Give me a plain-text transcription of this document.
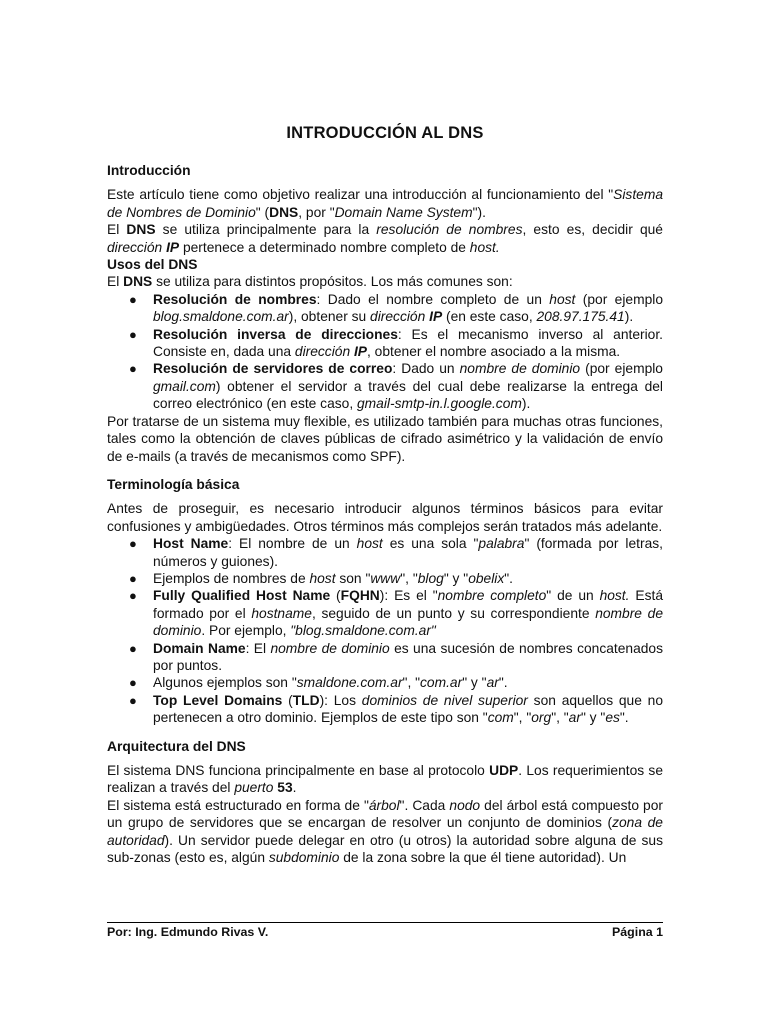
INTRODUCCIÓN AL DNS
Introducción

Este artículo tiene como objetivo realizar una introducción al funcionamiento del "Sistema de Nombres de Dominio" (DNS, por "Domain Name System").

El DNS se utiliza principalmente para la resolución de nombres, esto es, decidir qué dirección IP pertenece a determinado nombre completo de host.

Usos del DNS

El DNS se utiliza para distintos propósitos. Los más comunes son:

● Resolución de nombres: Dado el nombre completo de un host (por ejemplo blog.smaldone.com.ar), obtener su dirección IP (en este caso, 208.97.175.41).
● Resolución inversa de direcciones: Es el mecanismo inverso al anterior. Consiste en, dada una dirección IP, obtener el nombre asociado a la misma.
● Resolución de servidores de correo: Dado un nombre de dominio (por ejemplo gmail.com) obtener el servidor a través del cual debe realizarse la entrega del correo electrónico (en este caso, gmail-smtp-in.l.google.com).

Por tratarse de un sistema muy flexible, es utilizado también para muchas otras funciones, tales como la obtención de claves públicas de cifrado asimétrico y la validación de envío de e-mails (a través de mecanismos como SPF).

Terminología básica

Antes de proseguir, es necesario introducir algunos términos básicos para evitar confusiones y ambigüedades. Otros términos más complejos serán tratados más adelante.

● Host Name: El nombre de un host es una sola "palabra" (formada por letras, números y guiones).
● Ejemplos de nombres de host son "www", "blog" y "obelix".
● Fully Qualified Host Name (FQHN): Es el "nombre completo" de un host. Está formado por el hostname, seguido de un punto y su correspondiente nombre de dominio. Por ejemplo, "blog.smaldone.com.ar"
● Domain Name: El nombre de dominio es una sucesión de nombres concatenados por puntos.
● Algunos ejemplos son "smaldone.com.ar", "com.ar" y "ar".
● Top Level Domains (TLD): Los dominios de nivel superior son aquellos que no pertenecen a otro dominio. Ejemplos de este tipo son "com", "org", "ar" y "es".
Arquitectura del DNS

El sistema DNS funciona principalmente en base al protocolo UDP. Los requerimientos se realizan a través del puerto 53.

El sistema está estructurado en forma de "árbol". Cada nodo del árbol está compuesto por un grupo de servidores que se encargan de resolver un conjunto de dominios (zona de autoridad). Un servidor puede delegar en otro (u otros) la autoridad sobre alguna de sus sub-zonas (esto es, algún subdominio de la zona sobre la que él tiene autoridad). Un

Por: Ing. Edmundo Rivas V.	Página 1
